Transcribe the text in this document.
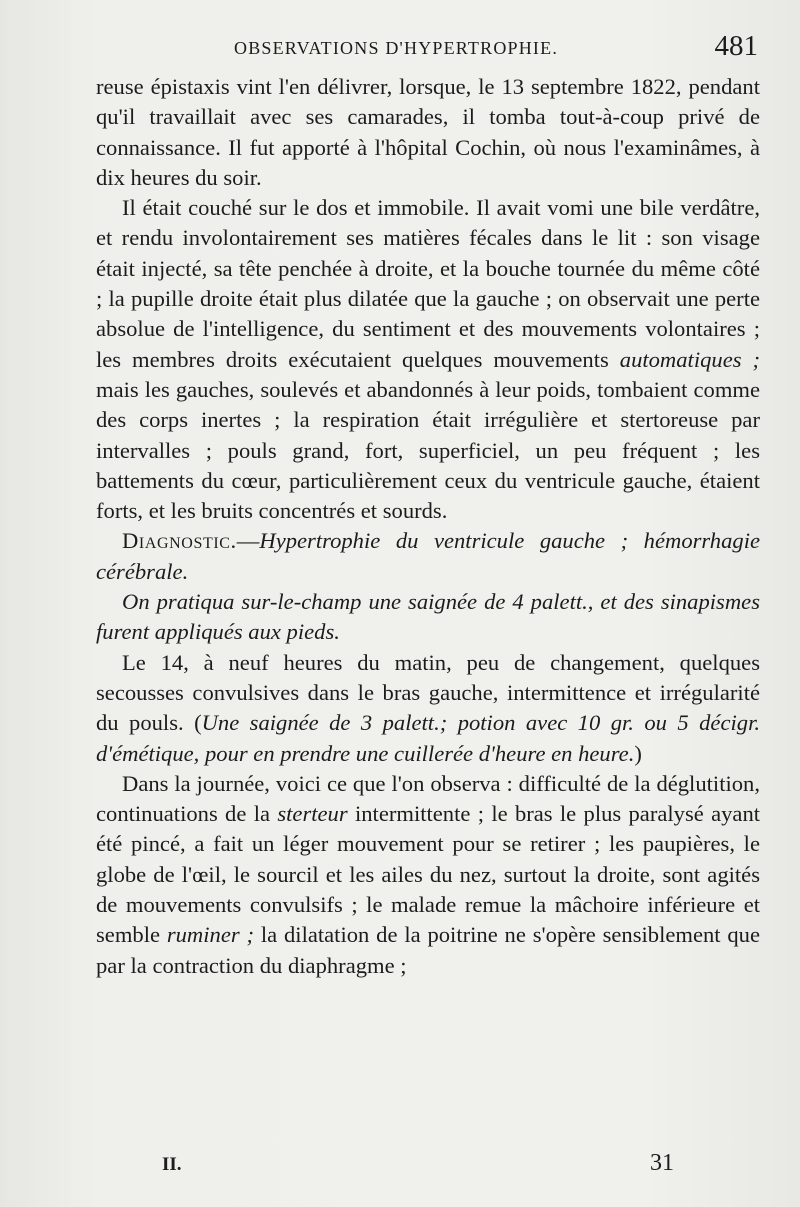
OBSERVATIONS D'HYPERTROPHIE.	481

reuse épistaxis vint l'en délivrer, lorsque, le 13 septembre 1822, pendant qu'il travaillait avec ses camarades, il tomba tout-à-coup privé de connaissance. Il fut apporté à l'hôpital Cochin, où nous l'examinâmes, à dix heures du soir.

Il était couché sur le dos et immobile. Il avait vomi une bile verdâtre, et rendu involontairement ses matières fécales dans le lit : son visage était injecté, sa tête penchée à droite, et la bouche tournée du même côté ; la pupille droite était plus dilatée que la gauche ; on observait une perte absolue de l'intelligence, du sentiment et des mouvements volontaires ; les membres droits exécutaient quelques mouvements automatiques ; mais les gauches, soulevés et abandonnés à leur poids, tombaient comme des corps inertes ; la respiration était irrégulière et stertoreuse par intervalles ; pouls grand, fort, superficiel, un peu fréquent ; les battements du cœur, particulièrement ceux du ventricule gauche, étaient forts, et les bruits concentrés et sourds.

Diagnostic.—Hypertrophie du ventricule gauche ; hémorrhagie cérébrale.

On pratiqua sur-le-champ une saignée de 4 palett., et des sinapismes furent appliqués aux pieds.

Le 14, à neuf heures du matin, peu de changement, quelques secousses convulsives dans le bras gauche, intermittence et irrégularité du pouls. (Une saignée de 3 palett.; potion avec 10 gr. ou 5 décigr. d'émétique, pour en prendre une cuillerée d'heure en heure.)

Dans la journée, voici ce que l'on observa : difficulté de la déglutition, continuations de la sterteur intermittente ; le bras le plus paralysé ayant été pincé, a fait un léger mouvement pour se retirer ; les paupières, le globe de l'œil, le sourcil et les ailes du nez, surtout la droite, sont agités de mouvements convulsifs ; le malade remue la mâchoire inférieure et semble ruminer ; la dilatation de la poitrine ne s'opère sensiblement que par la contraction du diaphragme ;

II.	31
